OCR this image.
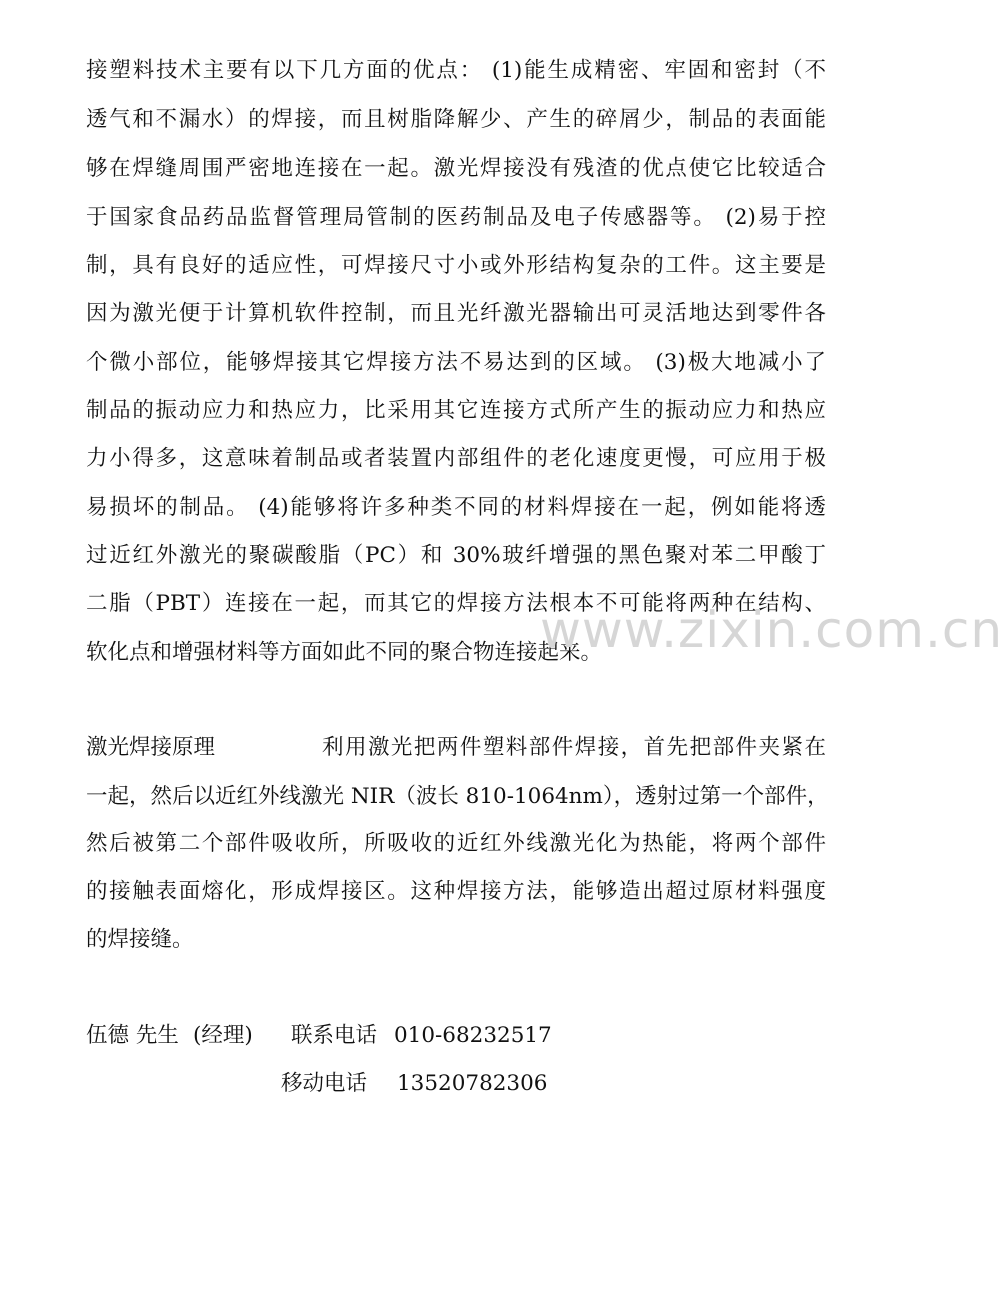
接塑料技术主要有以下几方面的优点： (1)能生成精密、牢固和密封（不
透气和不漏水）的焊接，而且树脂降解少、产生的碎屑少，制品的表面能
够在焊缝周围严密地连接在一起。激光焊接没有残渣的优点使它比较适合
于国家食品药品监督管理局管制的医药制品及电子传感器等。 (2)易于控
制，具有良好的适应性，可焊接尺寸小或外形结构复杂的工件。这主要是
因为激光便于计算机软件控制，而且光纤激光器输出可灵活地达到零件各
个微小部位，能够焊接其它焊接方法不易达到的区域。 (3)极大地减小了
制品的振动应力和热应力，比采用其它连接方式所产生的振动应力和热应
力小得多，这意味着制品或者装置内部组件的老化速度更慢，可应用于极
易损坏的制品。 (4)能够将许多种类不同的材料焊接在一起，例如能将透
过近红外激光的聚碳酸脂（PC）和 30%玻纤增强的黑色聚对苯二甲酸丁
二脂（PBT）连接在一起，而其它的焊接方法根本不可能将两种在结构、
软化点和增强材料等方面如此不同的聚合物连接起来。
www.zixin.com.cn
激光焊接原理	利用激光把两件塑料部件焊接，首先把部件夹紧在
一起，然后以近红外线激光 NIR（波长 810-1064nm），透射过第一个部件，
然后被第二个部件吸收所，所吸收的近红外线激光化为热能，将两个部件
的接触表面熔化，形成焊接区。这种焊接方法，能够造出超过原材料强度
的焊接缝。
伍德 先生 (经理) 联系电话 010-68232517
移动电话 13520782306
